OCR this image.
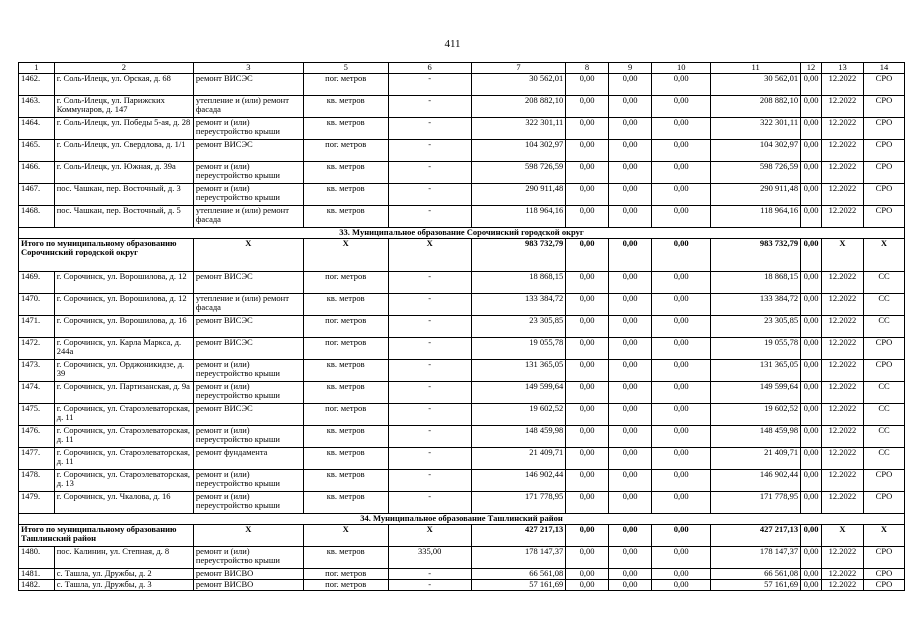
411
1	2	3	5	6	7	8	9	10	11	12	13	14
1462.	г. Соль-Илецк, ул. Орская, д. 68	ремонт ВИСЭС	пог. метров	-	30 562,01	0,00	0,00	0,00	30 562,01	0,00	12.2022	СРО
1463.	г. Соль-Илецк, ул. Парижских Коммунаров, д. 147	утепление и (или) ремонт фасада	кв. метров	-	208 882,10	0,00	0,00	0,00	208 882,10	0,00	12.2022	СРО
1464.	г. Соль-Илецк, ул. Победы 5-ая, д. 28	ремонт и (или) переустройство крыши	кв. метров	-	322 301,11	0,00	0,00	0,00	322 301,11	0,00	12.2022	СРО
1465.	г. Соль-Илецк, ул. Свердлова, д. 1/1	ремонт ВИСЭС	пог. метров	-	104 302,97	0,00	0,00	0,00	104 302,97	0,00	12.2022	СРО
1466.	г. Соль-Илецк, ул. Южная, д. 39а	ремонт и (или) переустройство крыши	кв. метров	-	598 726,59	0,00	0,00	0,00	598 726,59	0,00	12.2022	СРО
1467.	пос. Чашкан, пер. Восточный, д. 3	ремонт и (или) переустройство крыши	кв. метров	-	290 911,48	0,00	0,00	0,00	290 911,48	0,00	12.2022	СРО
1468.	пос. Чашкан, пер. Восточный, д. 5	утепление и (или) ремонт фасада	кв. метров	-	118 964,16	0,00	0,00	0,00	118 964,16	0,00	12.2022	СРО
33. Муниципальное образование Сорочинский городской округ												
Итого по муниципальному образованию Сорочинский городской округ		X	X	X	983 732,79	0,00	0,00	0,00	983 732,79	0,00	X	X
1469.	г. Сорочинск, ул. Ворошилова, д. 12	ремонт ВИСЭС	пог. метров	-	18 868,15	0,00	0,00	0,00	18 868,15	0,00	12.2022	СС
1470.	г. Сорочинск, ул. Ворошилова, д. 12	утепление и (или) ремонт фасада	кв. метров	-	133 384,72	0,00	0,00	0,00	133 384,72	0,00	12.2022	СС
1471.	г. Сорочинск, ул. Ворошилова, д. 16	ремонт ВИСЭС	пог. метров	-	23 305,85	0,00	0,00	0,00	23 305,85	0,00	12.2022	СС
1472.	г. Сорочинск, ул. Карла Маркса, д. 244а	ремонт ВИСЭС	пог. метров	-	19 055,78	0,00	0,00	0,00	19 055,78	0,00	12.2022	СРО
1473.	г. Сорочинск, ул. Орджоникидзе, д. 39	ремонт и (или) переустройство крыши	кв. метров	-	131 365,05	0,00	0,00	0,00	131 365,05	0,00	12.2022	СРО
1474.	г. Сорочинск, ул. Партизанская, д. 9а	ремонт и (или) переустройство крыши	кв. метров	-	149 599,64	0,00	0,00	0,00	149 599,64	0,00	12.2022	СС
1475.	г. Сорочинск, ул. Староэлеваторская, д. 11	ремонт ВИСЭС	пог. метров	-	19 602,52	0,00	0,00	0,00	19 602,52	0,00	12.2022	СС
1476.	г. Сорочинск, ул. Староэлеваторская, д. 11	ремонт и (или) переустройство крыши	кв. метров	-	148 459,98	0,00	0,00	0,00	148 459,98	0,00	12.2022	СС
1477.	г. Сорочинск, ул. Староэлеваторская, д. 11	ремонт фундамента	кв. метров	-	21 409,71	0,00	0,00	0,00	21 409,71	0,00	12.2022	СС
1478.	г. Сорочинск, ул. Староэлеваторская, д. 13	ремонт и (или) переустройство крыши	кв. метров	-	146 902,44	0,00	0,00	0,00	146 902,44	0,00	12.2022	СРО
1479.	г. Сорочинск, ул. Чкалова, д. 16	ремонт и (или) переустройство крыши	кв. метров	-	171 778,95	0,00	0,00	0,00	171 778,95	0,00	12.2022	СРО
34. Муниципальное образование Ташлинский район												
Итого по муниципальному образованию Ташлинский район		X	X	X	427 217,13	0,00	0,00	0,00	427 217,13	0,00	X	X
1480.	пос. Калинин, ул. Степная, д. 8	ремонт и (или) переустройство крыши	кв. метров	335,00	178 147,37	0,00	0,00	0,00	178 147,37	0,00	12.2022	СРО
1481.	с. Ташла, ул. Дружбы, д. 2	ремонт ВИСВО	пог. метров	-	66 561,08	0,00	0,00	0,00	66 561,08	0,00	12.2022	СРО
1482.	с. Ташла, ул. Дружбы, д. 3	ремонт ВИСВО	пог. метров	-	57 161,69	0,00	0,00	0,00	57 161,69	0,00	12.2022	СРО
